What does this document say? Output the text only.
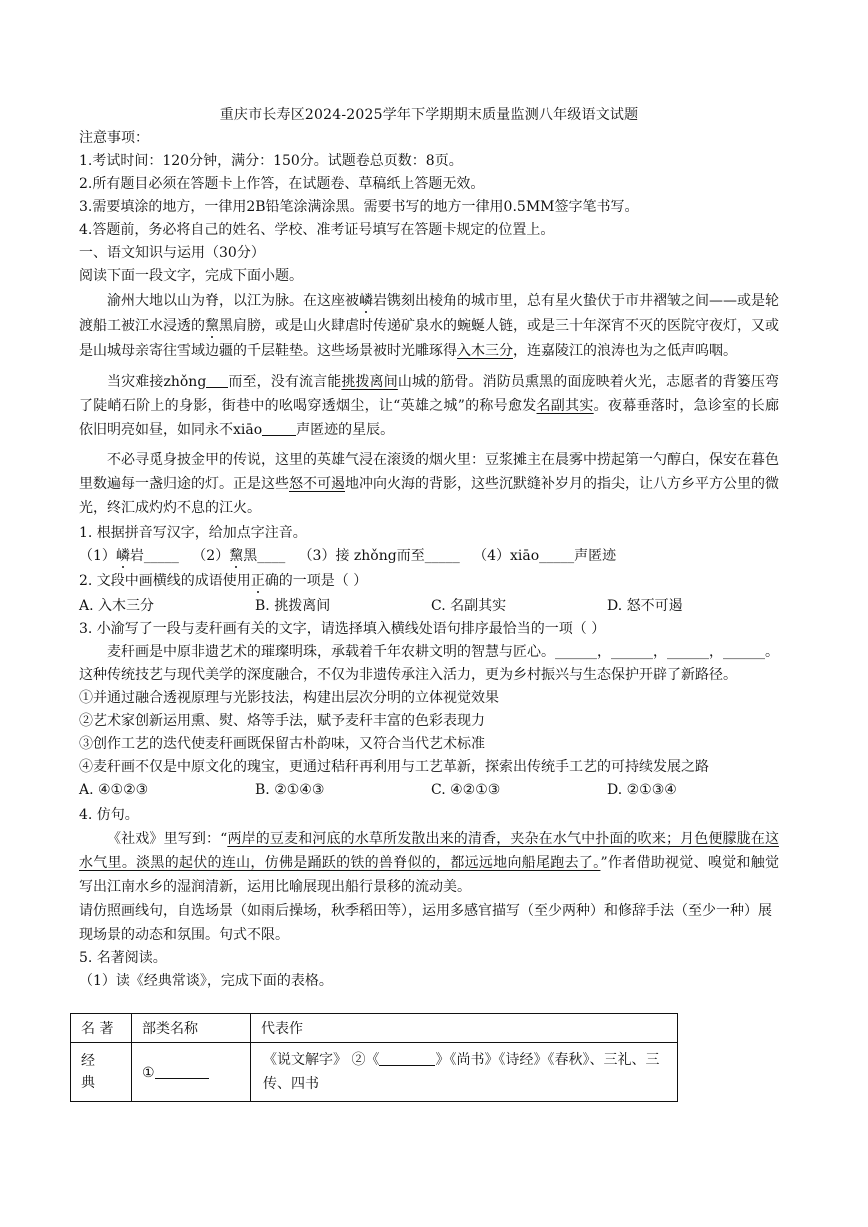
重庆市长寿区2024-2025学年下学期期末质量监测八年级语文试题
注意事项：
1.考试时间：120分钟，满分：150分。试题卷总页数：8页。
2.所有题目必须在答题卡上作答，在试题卷、草稿纸上答题无效。
3.需要填涂的地方，一律用2B铅笔涂满涂黑。需要书写的地方一律用0.5MM签字笔书写。
4.答题前，务必将自己的姓名、学校、准考证号填写在答题卡规定的位置上。
一、语文知识与运用（30分）
阅读下面一段文字，完成下面小题。

渝州大地以山为脊，以江为脉。在这座被嶙岩镌刻出棱角的城市里，总有星火蛰伏于市井褶皱之间——或是轮渡船工被江水浸透的黧黑肩膀，或是山火肆虐时传递矿泉水的蜿蜒人链，或是三十年深宵不灭的医院守夜灯，又或是山城母亲寄往雪域边疆的千层鞋垫。这些场景被时光雕琢得入木三分，连嘉陵江的浪涛也为之低声呜咽。

当灾难接zhǒng 而至，没有流言能挑拨离间山城的筋骨。消防员熏黑的面庞映着火光，志愿者的背篓压弯了陡峭石阶上的身影，街巷中的吆喝穿透烟尘，让“英雄之城”的称号愈发名副其实。夜幕垂落时，急诊室的长廊依旧明亮如昼，如同永不xiāo 声匿迹的星辰。

不必寻觅身披金甲的传说，这里的英雄气浸在滚烫的烟火里：豆浆摊主在晨雾中捞起第一勺醇白，保安在暮色里数遍每一盏归途的灯。正是这些怒不可遏地冲向火海的背影，这些沉默缝补岁月的指尖，让八方乡平方公里的微光，终汇成灼灼不息的江火。

1. 根据拼音写汉字，给加点字注音。
（1）嶙岩_____ （2）黧黑____ （3）接 zhǒng而至_____ （4）xiāo_____声匿迹
2. 文段中画横线的成语使用正确的一项是（ ）
A. 入木三分	B. 挑拨离间	C. 名副其实	D. 怒不可遏
3. 小渝写了一段与麦秆画有关的文字，请选择填入横线处语句排序最恰当的一项（ ）

麦秆画是中原非遗艺术的璀璨明珠，承载着千年农耕文明的智慧与匠心。______，______，______，______。这种传统技艺与现代美学的深度融合，不仅为非遗传承注入活力，更为乡村振兴与生态保护开辟了新路径。

①并通过融合透视原理与光影技法，构建出层次分明的立体视觉效果
②艺术家创新运用熏、熨、烙等手法，赋予麦秆丰富的色彩表现力
③创作工艺的迭代使麦秆画既保留古朴韵味，又符合当代艺术标准
④麦秆画不仅是中原文化的瑰宝，更通过秸秆再利用与工艺革新，探索出传统手工艺的可持续发展之路
A. ④①②③	B. ②①④③	C. ④②①③	D. ②①③④
4. 仿句。

《社戏》里写到：“两岸的豆麦和河底的水草所发散出来的清香，夹杂在水气中扑面的吹来；月色便朦胧在这水气里。淡黑的起伏的连山，仿佛是踊跃的铁的兽脊似的，都远远地向船尾跑去了。”作者借助视觉、嗅觉和触觉写出江南水乡的湿润清新，运用比喻展现出船行景移的流动美。

请仿照画线句，自选场景（如雨后操场，秋季稻田等），运用多感官描写（至少两种）和修辞手法（至少一种）展现场景的动态和氛围。句式不限。

5. 名著阅读。
（1）读《经典常谈》，完成下面的表格。
名 著	部类名称	代表作
经典	①	《说文解字》 ②《 》《尚书》《诗经》《春秋》、三礼、三传、四书
